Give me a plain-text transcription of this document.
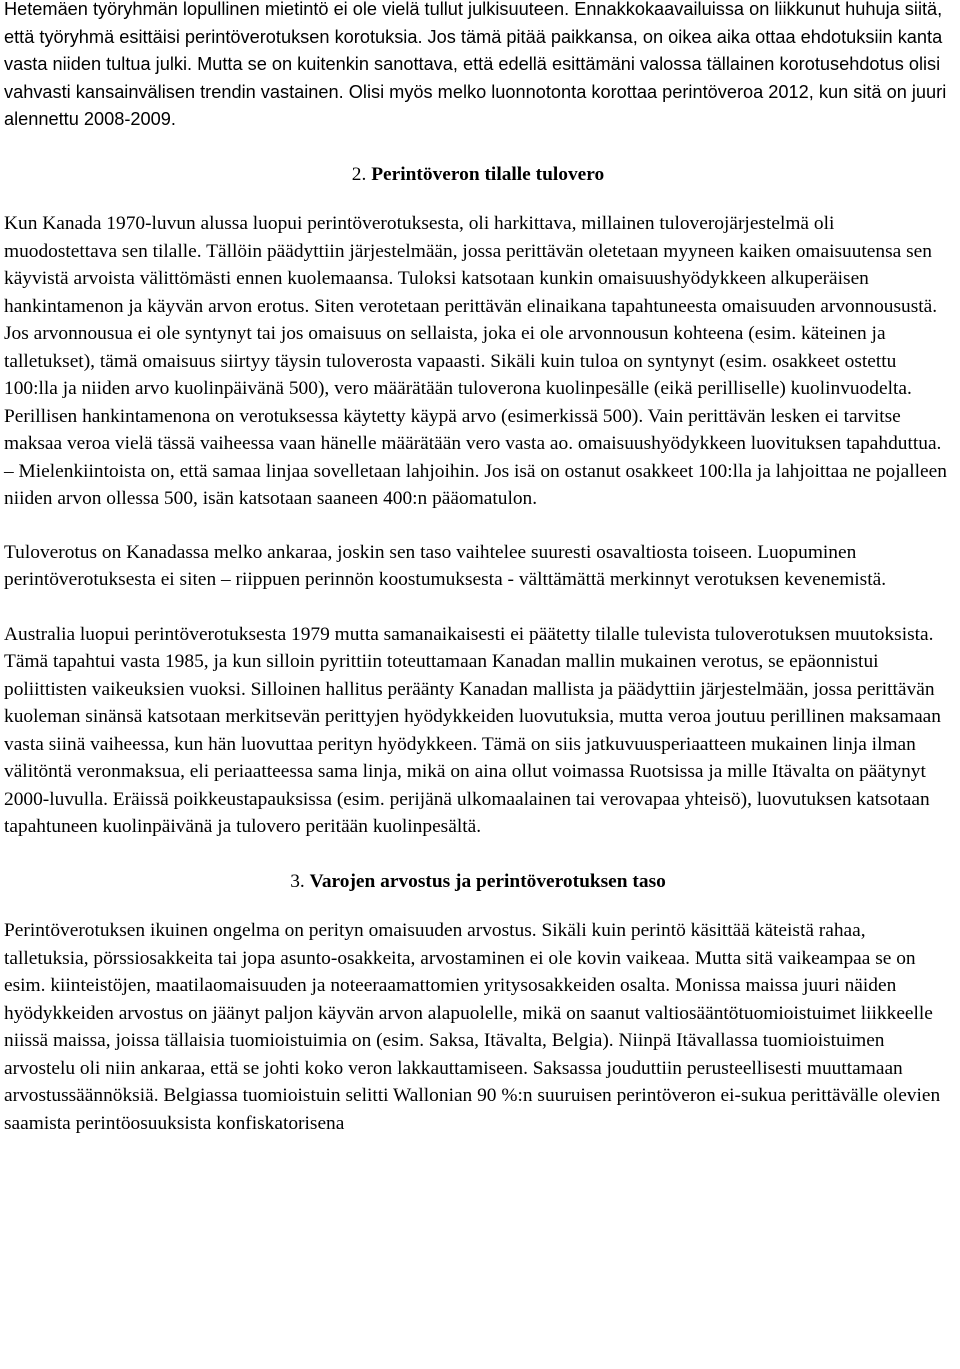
Hetemäen työryhmän lopullinen mietintö ei ole vielä tullut julkisuuteen. Ennakkokaavailuissa on liikkunut huhuja siitä, että työryhmä esittäisi perintöverotuksen korotuksia. Jos tämä pitää paikkansa, on oikea aika ottaa ehdotuksiin kanta vasta niiden tultua julki. Mutta se on kuitenkin sanottava, että edellä esittämäni valossa tällainen korotusehdotus olisi vahvasti kansainvälisen trendin vastainen. Olisi myös melko luonnotonta korottaa perintöveroa 2012, kun sitä on juuri alennettu 2008-2009.

2. Perintöveron tilalle tulovero

Kun Kanada 1970-luvun alussa luopui perintöverotuksesta, oli harkittava, millainen tuloverojärjestelmä oli muodostettava sen tilalle. Tällöin päädyttiin järjestelmään, jossa perittävän oletetaan myyneen kaiken omaisuutensa sen käyvistä arvoista välittömästi ennen kuolemaansa. Tuloksi katsotaan kunkin omaisuushyödykkeen alkuperäisen hankintamenon ja käyvän arvon erotus. Siten verotetaan perittävän elinaikana tapahtuneesta omaisuuden arvonnousustä. Jos arvonnousua ei ole syntynyt tai jos omaisuus on sellaista, joka ei ole arvonnousun kohteena (esim. käteinen ja talletukset), tämä omaisuus siirtyy täysin tuloverosta vapaasti. Sikäli kuin tuloa on syntynyt (esim. osakkeet ostettu 100:lla ja niiden arvo kuolinpäivänä 500), vero määrätään tuloverona kuolinpesälle (eikä perilliselle) kuolinvuodelta. Perillisen hankintamenona on verotuksessa käytetty käypä arvo (esimerkissä 500). Vain perittävän lesken ei tarvitse maksaa veroa vielä tässä vaiheessa vaan hänelle määrätään vero vasta ao. omaisuushyödykkeen luovituksen tapahduttua. – Mielenkiintoista on, että samaa linjaa sovelletaan lahjoihin. Jos isä on ostanut osakkeet 100:lla ja lahjoittaa ne pojalleen niiden arvon ollessa 500, isän katsotaan saaneen 400:n pääomatulon.

Tuloverotus on Kanadassa melko ankaraa, joskin sen taso vaihtelee suuresti osavaltiosta toiseen. Luopuminen perintöverotuksesta ei siten – riippuen perinnön koostumuksesta - välttämättä merkinnyt verotuksen kevenemistä.

Australia luopui perintöverotuksesta 1979 mutta samanaikaisesti ei päätetty tilalle tulevista tuloverotuksen muutoksista. Tämä tapahtui vasta 1985, ja kun silloin pyrittiin toteuttamaan Kanadan mallin mukainen verotus, se epäonnistui poliittisten vaikeuksien vuoksi. Silloinen hallitus peräänty Kanadan mallista ja päädyttiin järjestelmään, jossa perittävän kuoleman sinänsä katsotaan merkitsevän perittyjen hyödykkeiden luovutuksia, mutta veroa joutuu perillinen maksamaan vasta siinä vaiheessa, kun hän luovuttaa perityn hyödykkeen. Tämä on siis jatkuvuusperiaatteen mukainen linja ilman välitöntä veronmaksua, eli periaatteessa sama linja, mikä on aina ollut voimassa Ruotsissa ja mille Itävalta on päätynyt 2000-luvulla. Eräissä poikkeustapauksissa (esim. perijänä ulkomaalainen tai verovapaa yhteisö), luovutuksen katsotaan tapahtuneen kuolinpäivänä ja tulovero peritään kuolinpesältä.

3. Varojen arvostus ja perintöverotuksen taso

Perintöverotuksen ikuinen ongelma on perityn omaisuuden arvostus. Sikäli kuin perintö käsittää käteistä rahaa, talletuksia, pörssiosakkeita tai jopa asunto-osakkeita, arvostaminen ei ole kovin vaikeaa. Mutta sitä vaikeampaa se on esim. kiinteistöjen, maatilaomaisuuden ja noteeraamattomien yritysosakkeiden osalta. Monissa maissa juuri näiden hyödykkeiden arvostus on jäänyt paljon käyvän arvon alapuolelle, mikä on saanut valtiosääntötuomioistuimet liikkeelle niissä maissa, joissa tällaisia tuomioistuimia on (esim. Saksa, Itävalta, Belgia). Niinpä Itävallassa tuomioistuimen arvostelu oli niin ankaraa, että se johti koko veron lakkauttamiseen. Saksassa jouduttiin perusteellisesti muuttamaan arvostussäännöksiä. Belgiassa tuomioistuin selitti Wallonian 90 %:n suuruisen perintöveron ei-sukua perittävälle olevien saamista perintöosuuksista konfiskatorisena
